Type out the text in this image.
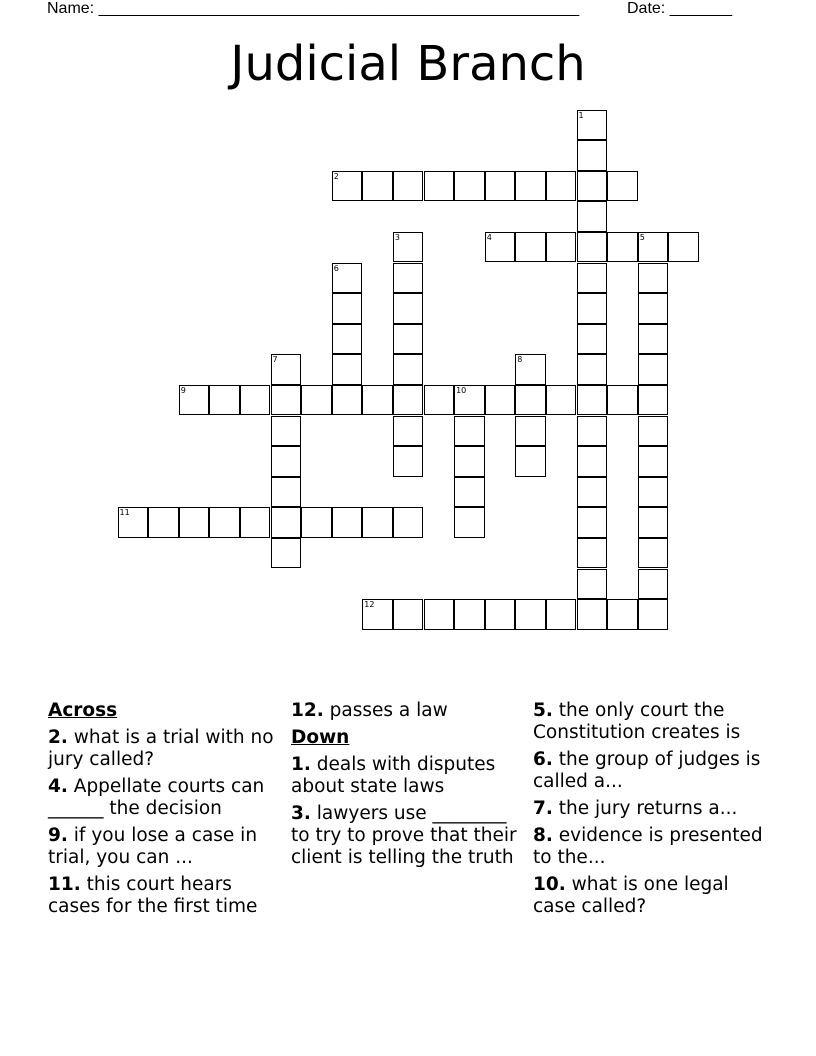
Name: ______________________________________________________	Date: _______
Judicial Branch
1
2
3	4	5
6
7	8
9	10
11
12
Across
2. what is a trial with no jury called?
4. Appellate courts can ______ the decision
9. if you lose a case in trial, you can ...
11. this court hears cases for the first time
12. passes a law
Down
1. deals with disputes about state laws
3. lawyers use ________ to try to prove that their client is telling the truth
5. the only court the Constitution creates is
6. the group of judges is called a...
7. the jury returns a...
8. evidence is presented to the...
10. what is one legal case called?
